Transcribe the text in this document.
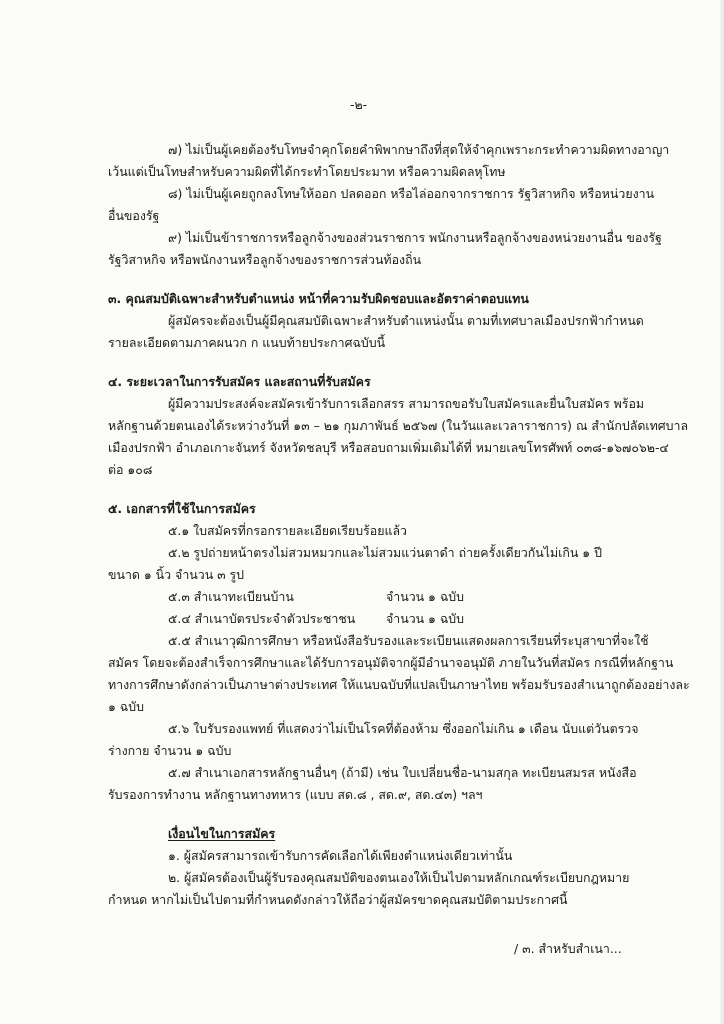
-๒-
๗) ไม่เป็นผู้เคยต้องรับโทษจำคุกโดยคำพิพากษาถึงที่สุดให้จำคุกเพราะกระทำความผิดทางอาญา
เว้นแต่เป็นโทษสำหรับความผิดที่ได้กระทำโดยประมาท หรือความผิดลหุโทษ
๘) ไม่เป็นผู้เคยถูกลงโทษให้ออก ปลดออก หรือไล่ออกจากราชการ รัฐวิสาหกิจ หรือหน่วยงาน
อื่นของรัฐ
๙) ไม่เป็นข้าราชการหรือลูกจ้างของส่วนราชการ พนักงานหรือลูกจ้างของหน่วยงานอื่น ของรัฐ
รัฐวิสาหกิจ หรือพนักงานหรือลูกจ้างของราชการส่วนท้องถิ่น
๓. คุณสมบัติเฉพาะสำหรับตำแหน่ง หน้าที่ความรับผิดชอบและอัตราค่าตอบแทน
ผู้สมัครจะต้องเป็นผู้มีคุณสมบัติเฉพาะสำหรับตำแหน่งนั้น ตามที่เทศบาลเมืองปรกฟ้ากำหนด
รายละเอียดตามภาคผนวก ก แนบท้ายประกาศฉบับนี้
๔. ระยะเวลาในการรับสมัคร และสถานที่รับสมัคร
ผู้มีความประสงค์จะสมัครเข้ารับการเลือกสรร สามารถขอรับใบสมัครและยื่นใบสมัคร พร้อม
หลักฐานด้วยตนเองได้ระหว่างวันที่ ๑๓ – ๒๑ กุมภาพันธ์ ๒๕๖๗ (ในวันและเวลาราชการ) ณ สำนักปลัดเทศบาล
เมืองปรกฟ้า อำเภอเกาะจันทร์ จังหวัดชลบุรี หรือสอบถามเพิ่มเติมได้ที่ หมายเลขโทรศัพท์ ๐๓๘-๑๖๗๐๖๒-๔
ต่อ ๑๐๘
๕. เอกสารที่ใช้ในการสมัคร
๕.๑ ใบสมัครที่กรอกรายละเอียดเรียบร้อยแล้ว
๕.๒ รูปถ่ายหน้าตรงไม่สวมหมวกและไม่สวมแว่นตาดำ ถ่ายครั้งเดียวกันไม่เกิน ๑ ปี
ขนาด ๑ นิ้ว จำนวน ๓ รูป
๕.๓ สำเนาทะเบียนบ้าน	จำนวน ๑ ฉบับ
๕.๔ สำเนาบัตรประจำตัวประชาชน จำนวน ๑ ฉบับ
๕.๕ สำเนาวุฒิการศึกษา หรือหนังสือรับรองและระเบียนแสดงผลการเรียนที่ระบุสาขาที่จะใช้
สมัคร โดยจะต้องสำเร็จการศึกษาและได้รับการอนุมัติจากผู้มีอำนาจอนุมัติ ภายในวันที่สมัคร กรณีที่หลักฐาน
ทางการศึกษาดังกล่าวเป็นภาษาต่างประเทศ ให้แนบฉบับที่แปลเป็นภาษาไทย พร้อมรับรองสำเนาถูกต้องอย่างละ
๑ ฉบับ
๕.๖ ใบรับรองแพทย์ ที่แสดงว่าไม่เป็นโรคที่ต้องห้าม ซึ่งออกไม่เกิน ๑ เดือน นับแต่วันตรวจ
ร่างกาย จำนวน ๑ ฉบับ
๕.๗ สำเนาเอกสารหลักฐานอื่นๆ (ถ้ามี) เช่น ใบเปลี่ยนชื่อ-นามสกุล ทะเบียนสมรส หนังสือ
รับรองการทำงาน หลักฐานทางทหาร (แบบ สด.๘ , สด.๙, สด.๔๓) ฯลฯ
เงื่อนไขในการสมัคร
๑. ผู้สมัครสามารถเข้ารับการคัดเลือกได้เพียงตำแหน่งเดียวเท่านั้น
๒. ผู้สมัครต้องเป็นผู้รับรองคุณสมบัติของตนเองให้เป็นไปตามหลักเกณฑ์ระเบียบกฎหมาย
กำหนด หากไม่เป็นไปตามที่กำหนดดังกล่าวให้ถือว่าผู้สมัครขาดคุณสมบัติตามประกาศนี้
/ ๓. สำหรับสำเนา...
